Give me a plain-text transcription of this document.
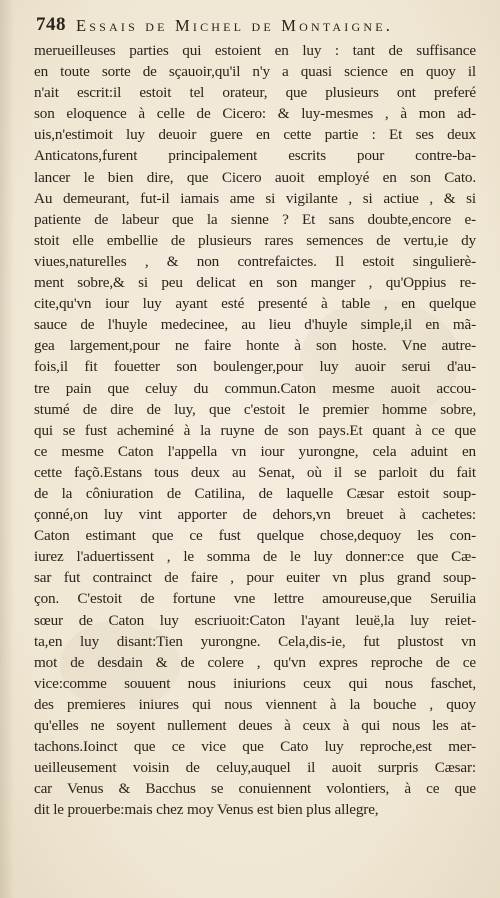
748 Essais de Michel de Montaigne.
merueilleuses parties qui estoient en luy : tant de suffisance
en toute sorte de sçauoir,qu'il n'y a quasi science en quoy il
n'ait escrit:il estoit tel orateur, que plusieurs ont preferé
son eloquence à celle de Cicero: & luy-mesmes , à mon ad-
uis,n'estimoit luy deuoir guere en cette partie : Et ses deux
Anticatons,furent principalement escrits pour contre-ba-
lancer le bien dire, que Cicero auoit employé en son Cato.
Au demeurant, fut-il iamais ame si vigilante , si actiue , & si
patiente de labeur que la sienne ? Et sans doubte,encore e-
stoit elle embellie de plusieurs rares semences de vertu,ie dy
viues,naturelles , & non contrefaictes. Il estoit singulierè-
ment sobre,& si peu delicat en son manger , qu'Oppius re-
cite,qu'vn iour luy ayant esté presenté à table , en quelque
sauce de l'huyle medecinee, au lieu d'huyle simple,il en mã-
gea largement,pour ne faire honte à son hoste. Vne autre-
fois,il fit fouetter son boulenger,pour luy auoir serui d'au-
tre pain que celuy du commun.Caton mesme auoit accou-
stumé de dire de luy, que c'estoit le premier homme sobre,
qui se fust acheminé à la ruyne de son pays.Et quant à ce que
ce mesme Caton l'appella vn iour yurongne, cela aduint en
cette façõ.Estans tous deux au Senat, où il se parloit du fait
de la côniuration de Catilina, de laquelle Cæsar estoit soup-
çonné,on luy vint apporter de dehors,vn breuet à cachetes:
Caton estimant que ce fust quelque chose,dequoy les con-
iurez l'aduertissent , le somma de le luy donner:ce que Cæ-
sar fut contrainct de faire , pour euiter vn plus grand soup-
çon. C'estoit de fortune vne lettre amoureuse,que Seruilia
sœur de Caton luy escriuoit:Caton l'ayant leuë,la luy reiet-
ta,en luy disant:Tien yurongne. Cela,dis-ie, fut plustost vn
mot de desdain & de colere , qu'vn expres reproche de ce
vice:comme souuent nous iniurions ceux qui nous faschet,
des premieres iniures qui nous viennent à la bouche , quoy
qu'elles ne soyent nullement deues à ceux à qui nous les at-
tachons.Ioinct que ce vice que Cato luy reproche,est mer-
ueilleusement voisin de celuy,auquel il auoit surpris Cæsar:
car Venus & Bacchus se conuiennent volontiers, à ce que
dit le prouerbe:mais chez moy Venus est bien plus allegre,
